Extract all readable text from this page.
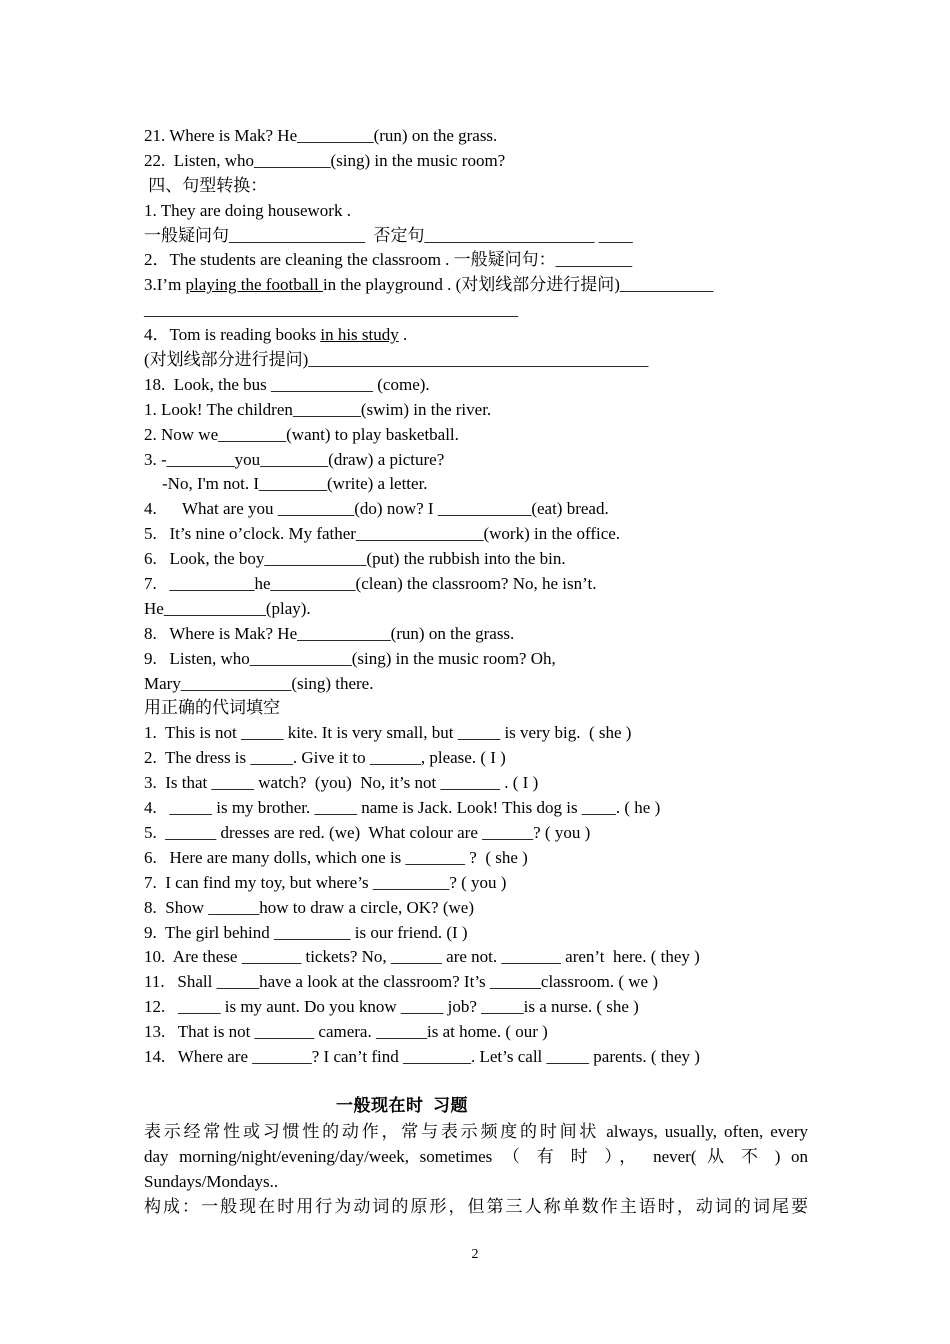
21. Where is Mak? He_________(run) on the grass.
22.  Listen, who_________(sing) in the music room?
四、句型转换：
1. They are doing housework .
一般疑问句________________  否定句____________________ ____
2．The students are cleaning the classroom . 一般疑问句：_________
3.I’m playing the football in the playground . (对划线部分进行提问)___________
____________________________________________
4．Tom is reading books in his study .
(对划线部分进行提问)________________________________________
18.  Look, the bus ____________ (come).
1. Look! The children________(swim) in the river.
2. Now we________(want) to play basketball.
3. -________you________(draw) a picture?
-No, I'm not. I________(write) a letter.
4.      What are you _________(do) now? I ___________(eat) bread.
5.   It’s nine o’clock. My father_______________(work) in the office.
6.   Look, the boy____________(put) the rubbish into the bin.
7.   __________he__________(clean) the classroom? No, he isn’t.
He____________(play).
8.   Where is Mak? He___________(run) on the grass.
9.   Listen, who____________(sing) in the music room? Oh,
Mary_____________(sing) there.
用正确的代词填空
1.  This is not _____ kite. It is very small, but _____ is very big.  ( she )
2.  The dress is _____. Give it to ______, please. ( I )
3.  Is that _____ watch?  (you)  No, it’s not _______ . ( I )
4.   _____ is my brother. _____ name is Jack. Look! This dog is ____. ( he )
5.  ______ dresses are red. (we)  What colour are ______? ( you )
6.   Here are many dolls, which one is _______ ?  ( she )
7.  I can find my toy, but where’s _________? ( you )
8.  Show ______how to draw a circle, OK? (we)
9.  The girl behind _________ is our friend. (I )
10.  Are these _______ tickets? No, ______ are not. _______ aren’t  here. ( they )
11.   Shall _____have a look at the classroom? It’s ______classroom. ( we )
12.   _____ is my aunt. Do you know _____ job? _____is a nurse. ( she )
13.   That is not _______ camera. ______is at home. ( our )
14.   Where are _______? I can’t find ________. Let’s call _____ parents. ( they )
一般现在时  习题
表示经常性或习惯性的动作，常与表示频度的时间状 always, usually, often, every
day morning/night/evening/day/week, sometimes （ 有 时 ）， never( 从 不 ) on
Sundays/Mondays..
构成：一般现在时用行为动词的原形，但第三人称单数作主语时，动词的词尾要
2
